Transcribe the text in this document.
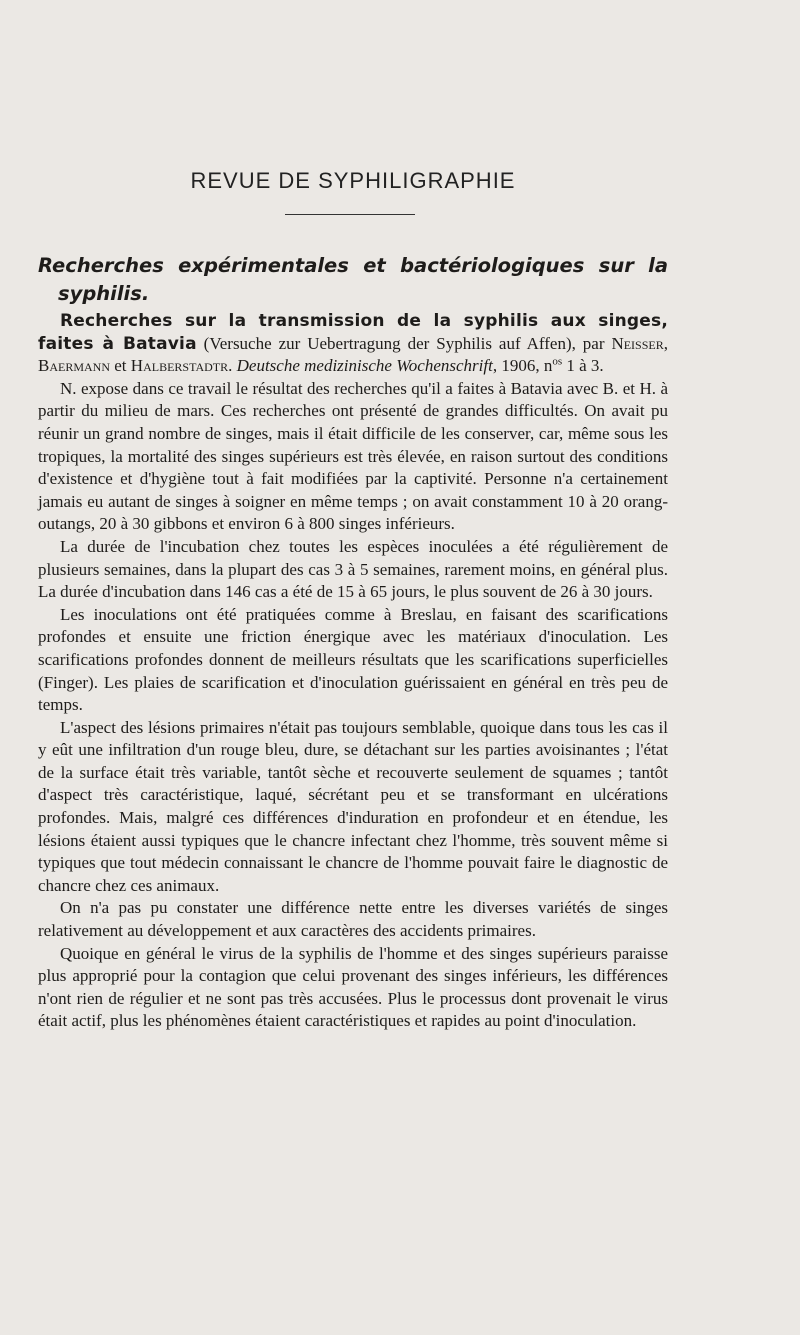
REVUE DE SYPHILIGRAPHIE
Recherches expérimentales et bactériologiques sur la
syphilis.

Recherches sur la transmission de la syphilis aux singes, faites à Batavia (Versuche zur Uebertragung der Syphilis auf Affen), par Neisser, Baermann et Halberstadtr. Deutsche medizinische Wochenschrift, 1906, $n^{os}$ 1 à 3.

N. expose dans ce travail le résultat des recherches qu'il a faites à Batavia avec B. et H. à partir du milieu de mars. Ces recherches ont présenté de grandes difficultés. On avait pu réunir un grand nombre de singes, mais il était difficile de les conserver, car, même sous les tropiques, la mortalité des singes supérieurs est très élevée, en raison surtout des conditions d'existence et d'hygiène tout à fait modifiées par la captivité. Personne n'a certainement jamais eu autant de singes à soigner en même temps ; on avait constamment 10 à 20 orang-outangs, 20 à 30 gibbons et environ 6 à 800 singes inférieurs.

La durée de l'incubation chez toutes les espèces inoculées a été régulièrement de plusieurs semaines, dans la plupart des cas 3 à 5 semaines, rarement moins, en général plus. La durée d'incubation dans 146 cas a été de 15 à 65 jours, le plus souvent de 26 à 30 jours.

Les inoculations ont été pratiquées comme à Breslau, en faisant des scarifications profondes et ensuite une friction énergique avec les matériaux d'inoculation. Les scarifications profondes donnent de meilleurs résultats que les scarifications superficielles (Finger). Les plaies de scarification et d'inoculation guérissaient en général en très peu de temps.

L'aspect des lésions primaires n'était pas toujours semblable, quoique dans tous les cas il y eût une infiltration d'un rouge bleu, dure, se détachant sur les parties avoisinantes ; l'état de la surface était très variable, tantôt sèche et recouverte seulement de squames ; tantôt d'aspect très caractéristique, laqué, sécrétant peu et se transformant en ulcérations profondes. Mais, malgré ces différences d'induration en profondeur et en étendue, les lésions étaient aussi typiques que le chancre infectant chez l'homme, très souvent même si typiques que tout médecin connaissant le chancre de l'homme pouvait faire le diagnostic de chancre chez ces animaux.

On n'a pas pu constater une différence nette entre les diverses variétés de singes relativement au développement et aux caractères des accidents primaires.

Quoique en général le virus de la syphilis de l'homme et des singes supérieurs paraisse plus approprié pour la contagion que celui provenant des singes inférieurs, les différences n'ont rien de régulier et ne sont pas très accusées. Plus le processus dont provenait le virus était actif, plus les phénomènes étaient caractéristiques et rapides au point d'inoculation.
